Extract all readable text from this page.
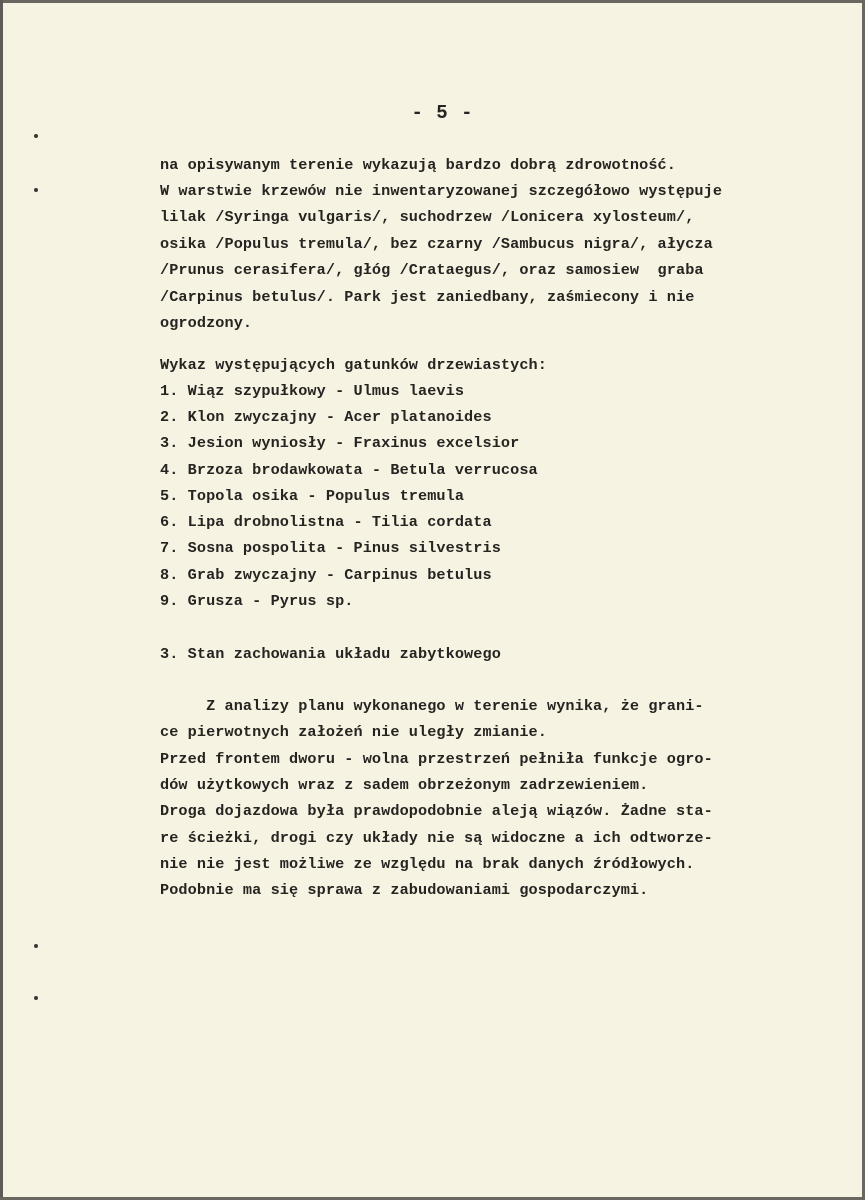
- 5 -
na opisywanym terenie wykazują bardzo dobrą zdrowotność.
W warstwie krzewów nie inwentaryzowanej szczegółowo występuje
lilak /Syringa vulgaris/, suchodrzew /Lonicera xylosteum/,
osika /Populus tremula/, bez czarny /Sambucus nigra/, ałycza
/Prunus cerasifera/, głóg /Crataegus/, oraz samosiew  graba
/Carpinus betulus/. Park jest zaniedbany, zaśmiecony i nie
ogrodzony.
Wykaz występujących gatunków drzewiastych:
1. Wiąz szypułkowy - Ulmus laevis
2. Klon zwyczajny - Acer platanoides
3. Jesion wyniosły - Fraxinus excelsior
4. Brzoza brodawkowata - Betula verrucosa
5. Topola osika - Populus tremula
6. Lipa drobnolistna - Tilia cordata
7. Sosna pospolita - Pinus silvestris
8. Grab zwyczajny - Carpinus betulus
9. Grusza - Pyrus sp.
3. Stan zachowania układu zabytkowego
Z analizy planu wykonanego w terenie wynika, że grani-
ce pierwotnych założeń nie uległy zmianie.
Przed frontem dworu - wolna przestrzeń pełniła funkcje ogro-
dów użytkowych wraz z sadem obrzeżonym zadrzewieniem.
Droga dojazdowa była prawdopodobnie aleją wiązów. Żadne sta-
re ścieżki, drogi czy układy nie są widoczne a ich odtworze-
nie nie jest możliwe ze względu na brak danych źródłowych.
Podobnie ma się sprawa z zabudowaniami gospodarczymi.
